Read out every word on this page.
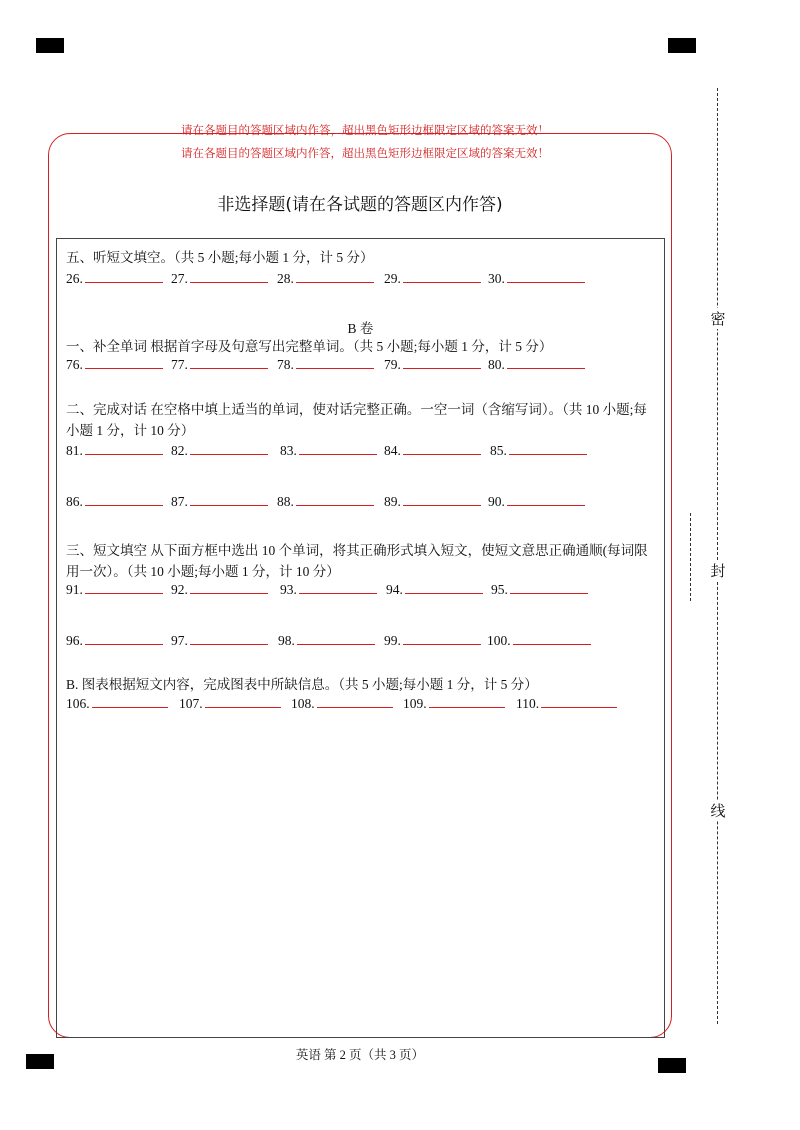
请在各题目的答题区域内作答，超出黑色矩形边框限定区域的答案无效！
请在各题目的答题区域内作答，超出黑色矩形边框限定区域的答案无效！
非选择题(请在各试题的答题区内作答)
五、听短文填空。（共 5 小题;每小题 1 分，计 5 分）
26.	27.	28.	29.	30.
B 卷
一、补全单词 根据首字母及句意写出完整单词。（共 5 小题;每小题 1 分，计 5 分）
76.	77.	78.	79.	80.
二、完成对话 在空格中填上适当的单词，使对话完整正确。一空一词（含缩写词）。（共 10 小题;每小题 1 分，计 10 分）
81.	82.	83.	84.	85.
86.	87.	88.	89.	90.
三、短文填空 从下面方框中选出 10 个单词，将其正确形式填入短文，使短文意思正确通顺(每词限用一次）。（共 10 小题;每小题 1 分，计 10 分）
91.	92.	93.	94.	95.
96.	97.	98.	99.	100.
B. 图表根据短文内容，完成图表中所缺信息。（共 5 小题;每小题 1 分，计 5 分）
106.	107.	108.	109.	110.
密
封
线
英语 第 2 页（共 3 页）
